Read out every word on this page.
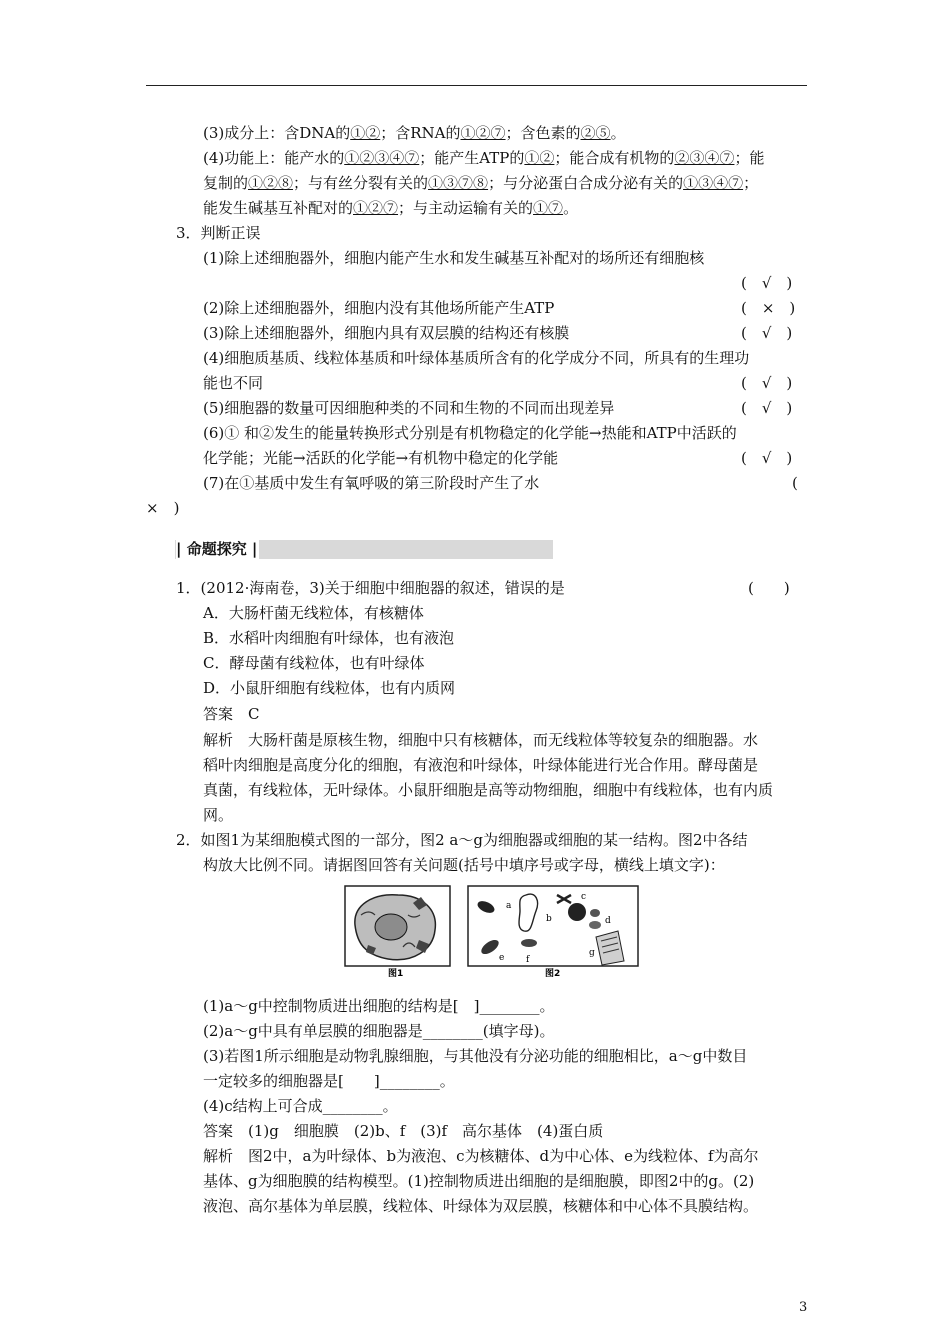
(3)成分上：含DNA的①②；含RNA的①②⑦；含色素的②⑤。
(4)功能上：能产水的①②③④⑦；能产生ATP的①②；能合成有机物的②③④⑦；能
复制的①②⑧；与有丝分裂有关的①③⑦⑧；与分泌蛋白合成分泌有关的①③④⑦；
能发生碱基互补配对的①②⑦；与主动运输有关的①⑦。
3．判断正误
(1)除上述细胞器外，细胞内能产生水和发生碱基互补配对的场所还有细胞核
(　√　)
(2)除上述细胞器外，细胞内没有其他场所能产生ATP	(　×　)
(3)除上述细胞器外，细胞内具有双层膜的结构还有核膜	(　√　)
(4)细胞质基质、线粒体基质和叶绿体基质所含有的化学成分不同，所具有的生理功
能也不同	(　√　)
(5)细胞器的数量可因细胞种类的不同和生物的不同而出现差异	(　√　)
(6)① 和②发生的能量转换形式分别是有机物稳定的化学能→热能和ATP中活跃的
化学能；光能→活跃的化学能→有机物中稳定的化学能	(　√　)
(7)在①基质中发生有氧呼吸的第三阶段时产生了水	(
×　)
| 命题探究 |
1．(2012·海南卷，3)关于细胞中细胞器的叙述，错误的是	(　　)
A．大肠杆菌无线粒体，有核糖体
B．水稻叶肉细胞有叶绿体，也有液泡
C．酵母菌有线粒体，也有叶绿体
D．小鼠肝细胞有线粒体，也有内质网
答案　C
解析　大肠杆菌是原核生物，细胞中只有核糖体，而无线粒体等较复杂的细胞器。水
稻叶肉细胞是高度分化的细胞，有液泡和叶绿体，叶绿体能进行光合作用。酵母菌是
真菌，有线粒体，无叶绿体。小鼠肝细胞是高等动物细胞，细胞中有线粒体，也有内质
网。
2．如图1为某细胞模式图的一部分，图2 a～g为细胞器或细胞的某一结构。图2中各结
构放大比例不同。请据图回答有关问题(括号中填序号或字母，横线上填文字)：
a
b
c
d
e f
g
图1	图2
(1)a～g中控制物质进出细胞的结构是[　]________。
(2)a～g中具有单层膜的细胞器是________(填字母)。
(3)若图1所示细胞是动物乳腺细胞，与其他没有分泌功能的细胞相比，a～g中数目
一定较多的细胞器是[　　]________。
(4)c结构上可合成________。
答案　(1)g　细胞膜　(2)b、f　(3)f　高尔基体　(4)蛋白质
解析　图2中，a为叶绿体、b为液泡、c为核糖体、d为中心体、e为线粒体、f为高尔
基体、g为细胞膜的结构模型。(1)控制物质进出细胞的是细胞膜，即图2中的g。(2)
液泡、高尔基体为单层膜，线粒体、叶绿体为双层膜，核糖体和中心体不具膜结构。
3
